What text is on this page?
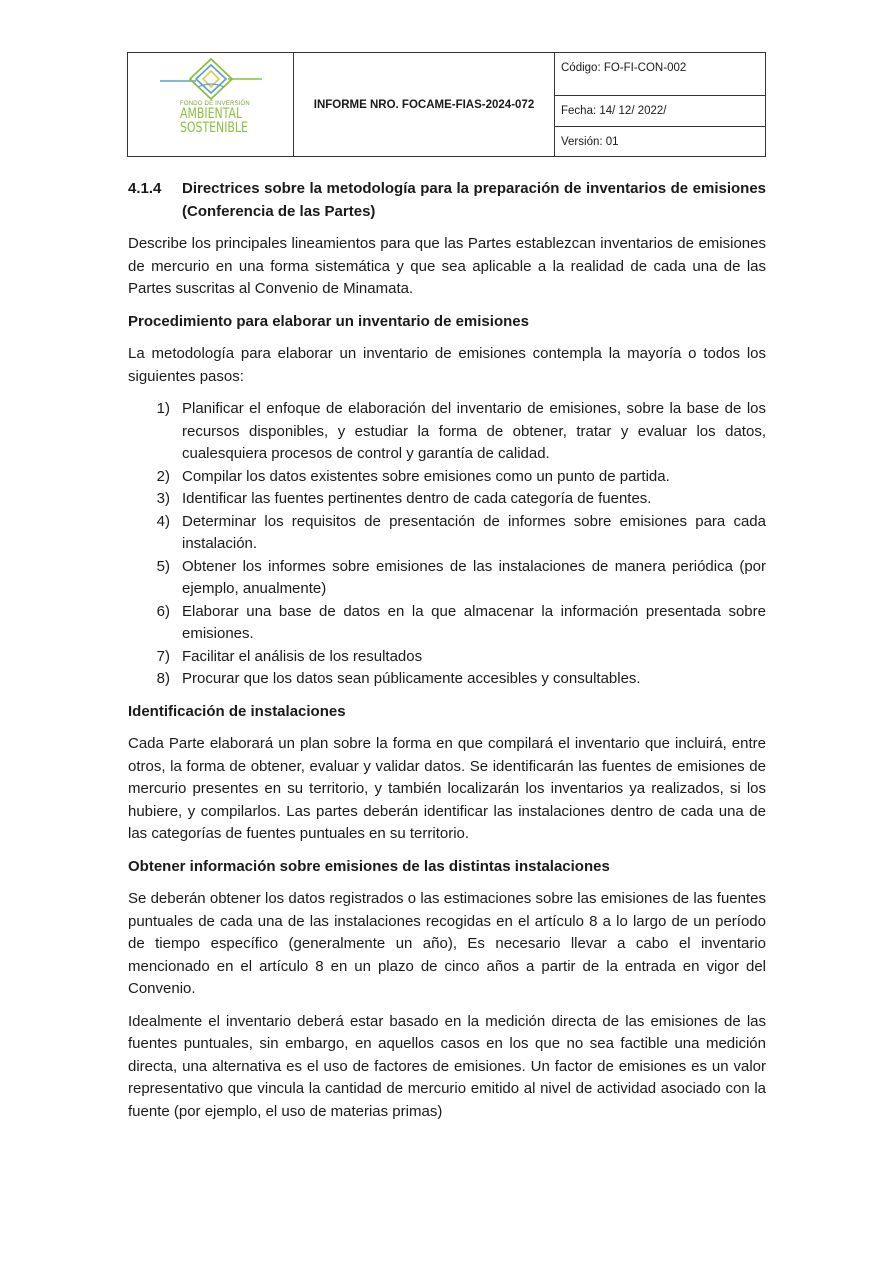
FONDO DE INVERSIÓN
AMBIENTAL
SOSTENIBLE
INFORME NRO. FOCAME-FIAS-2024-072
Código: FO-FI-CON-002
Fecha: 14/ 12/ 2022/
Versión: 01
4.1.4	Directrices sobre la metodología para la preparación de inventarios de emisiones (Conferencia de las Partes)

Describe los principales lineamientos para que las Partes establezcan inventarios de emisiones de mercurio en una forma sistemática y que sea aplicable a la realidad de cada una de las Partes suscritas al Convenio de Minamata.

Procedimiento para elaborar un inventario de emisiones

La metodología para elaborar un inventario de emisiones contempla la mayoría o todos los siguientes pasos:

1) Planificar el enfoque de elaboración del inventario de emisiones, sobre la base de los recursos disponibles, y estudiar la forma de obtener, tratar y evaluar los datos, cualesquiera procesos de control y garantía de calidad.
2) Compilar los datos existentes sobre emisiones como un punto de partida.
3) Identificar las fuentes pertinentes dentro de cada categoría de fuentes.
4) Determinar los requisitos de presentación de informes sobre emisiones para cada instalación.
5) Obtener los informes sobre emisiones de las instalaciones de manera periódica (por ejemplo, anualmente)
6) Elaborar una base de datos en la que almacenar la información presentada sobre emisiones.
7) Facilitar el análisis de los resultados
8) Procurar que los datos sean públicamente accesibles y consultables.
Identificación de instalaciones

Cada Parte elaborará un plan sobre la forma en que compilará el inventario que incluirá, entre otros, la forma de obtener, evaluar y validar datos. Se identificarán las fuentes de emisiones de mercurio presentes en su territorio, y también localizarán los inventarios ya realizados, si los hubiere, y compilarlos. Las partes deberán identificar las instalaciones dentro de cada una de las categorías de fuentes puntuales en su territorio.

Obtener información sobre emisiones de las distintas instalaciones

Se deberán obtener los datos registrados o las estimaciones sobre las emisiones de las fuentes puntuales de cada una de las instalaciones recogidas en el artículo 8 a lo largo de un período de tiempo específico (generalmente un año), Es necesario llevar a cabo el inventario mencionado en el artículo 8 en un plazo de cinco años a partir de la entrada en vigor del Convenio.

Idealmente el inventario deberá estar basado en la medición directa de las emisiones de las fuentes puntuales, sin embargo, en aquellos casos en los que no sea factible una medición directa, una alternativa es el uso de factores de emisiones. Un factor de emisiones es un valor representativo que vincula la cantidad de mercurio emitido al nivel de actividad asociado con la fuente (por ejemplo, el uso de materias primas)
